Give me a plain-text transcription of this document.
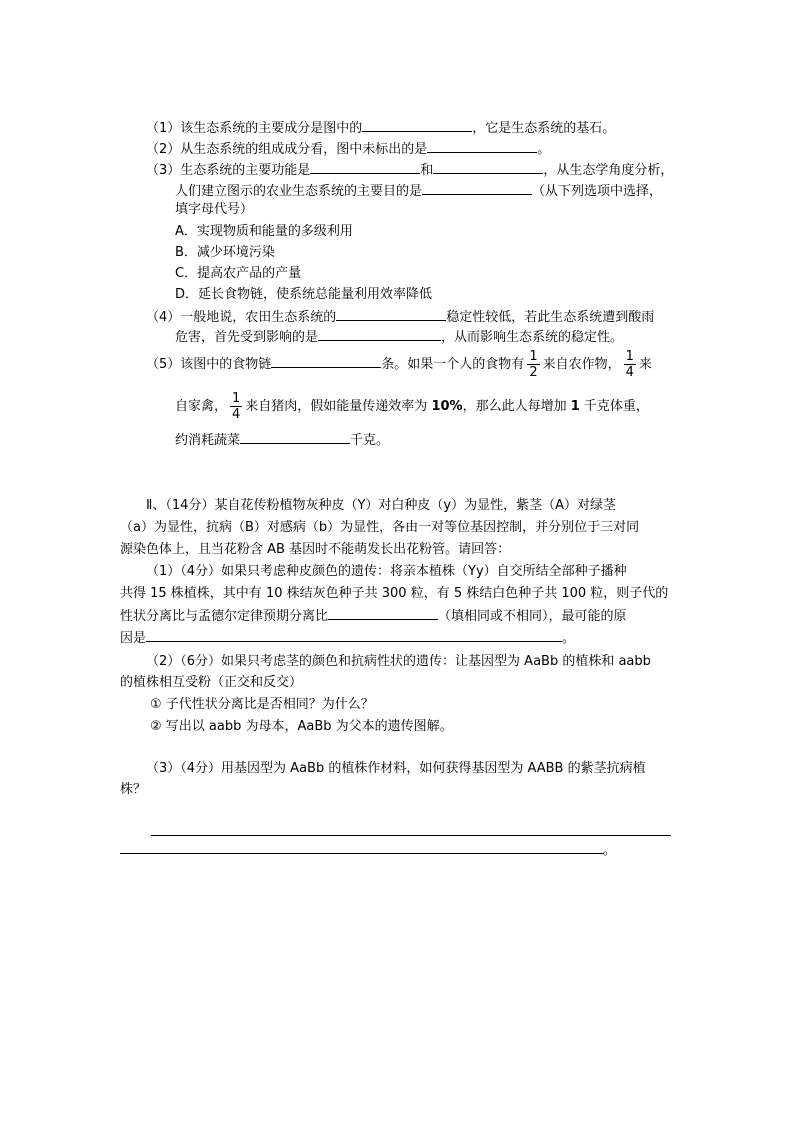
（1）该生态系统的主要成分是图中的	，它是生态系统的基石。
（2）从生态系统的组成成分看，图中未标出的是	。
（3）生态系统的主要功能是	和	，从生态学角度分析，
人们建立图示的农业生态系统的主要目的是	（从下列选项中选择，
填字母代号）
A．实现物质和能量的多级利用
B．减少环境污染
C．提高农产品的产量
D．延长食物链，使系统总能量利用效率降低
（4）一般地说，农田生态系统的	稳定性较低，若此生态系统遭到酸雨
危害，首先受到影响的是	，从而影响生态系统的稳定性。
（5）该图中的食物链	条。如果一个人的食物有 $\frac{1}{2}$ 来自农作物， $\frac{1}{4}$ 来
自家禽， $\frac{1}{4}$ 来自猪肉，假如能量传递效率为 10%，那么此人每增加 1 千克体重，
约消耗蔬菜	千克。
Ⅱ、（14分）某自花传粉植物灰种皮（Y）对白种皮（y）为显性，紫茎（A）对绿茎
（a）为显性，抗病（B）对感病（b）为显性，各由一对等位基因控制，并分别位于三对同
源染色体上，且当花粉含 AB 基因时不能萌发长出花粉管。请回答：
（1）（4分）如果只考虑种皮颜色的遗传：将亲本植株（Yy）自交所结全部种子播种
共得 15 株植株，其中有 10 株结灰色种子共 300 粒，有 5 株结白色种子共 100 粒，则子代的
性状分离比与孟德尔定律预期分离比	（填相同或不相同），最可能的原
因是	。
（2）（6分）如果只考虑茎的颜色和抗病性状的遗传：让基因型为 AaBb 的植株和 aabb
的植株相互受粉（正交和反交）
① 子代性状分离比是否相同？为什么？
② 写出以 aabb 为母本，AaBb 为父本的遗传图解。
（3）（4分）用基因型为 AaBb 的植株作材料，如何获得基因型为 AABB 的紫茎抗病植
株？
。
